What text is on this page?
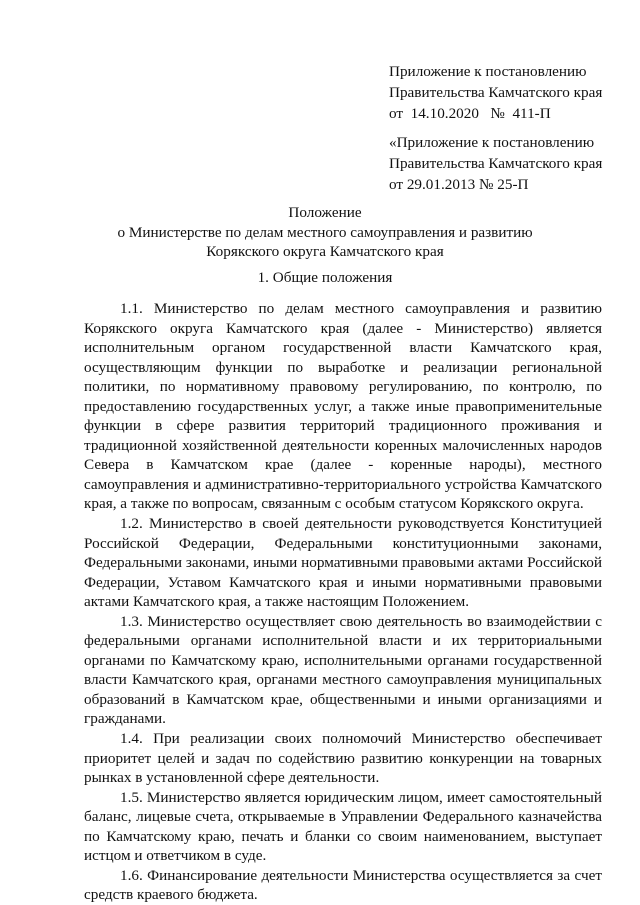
Приложение к постановлению
Правительства Камчатского края
от  14.10.2020   №  411-П
«Приложение к постановлению
Правительства Камчатского края
от 29.01.2013 № 25-П
Положение
о Министерстве по делам местного самоуправления и развитию
Корякского округа Камчатского края
1. Общие положения

1.1. Министерство по делам местного самоуправления и развитию Корякского округа Камчатского края (далее - Министерство) является исполнительным органом государственной власти Камчатского края, осуществляющим функции по выработке и реализации региональной политики, по нормативному правовому регулированию, по контролю, по предоставлению государственных услуг, а также иные правоприменительные функции в сфере развития территорий традиционного проживания и традиционной хозяйственной деятельности коренных малочисленных народов Севера в Камчатском крае (далее - коренные народы), местного самоуправления и административно-территориального устройства Камчатского края, а также по вопросам, связанным с особым статусом Корякского округа.

1.2. Министерство в своей деятельности руководствуется Конституцией Российской Федерации, Федеральными конституционными законами, Федеральными законами, иными нормативными правовыми актами Российской Федерации, Уставом Камчатского края и иными нормативными правовыми актами Камчатского края, а также настоящим Положением.

1.3. Министерство осуществляет свою деятельность во взаимодействии с федеральными органами исполнительной власти и их территориальными органами по Камчатскому краю, исполнительными органами государственной власти Камчатского края, органами местного самоуправления муниципальных образований в Камчатском крае, общественными и иными организациями и гражданами.

1.4. При реализации своих полномочий Министерство обеспечивает приоритет целей и задач по содействию развитию конкуренции на товарных рынках в установленной сфере деятельности.

1.5. Министерство является юридическим лицом, имеет самостоятельный баланс, лицевые счета, открываемые в Управлении Федерального казначейства по Камчатскому краю, печать и бланки со своим наименованием, выступает истцом и ответчиком в суде.

1.6. Финансирование деятельности Министерства осуществляется за счет средств краевого бюджета.
